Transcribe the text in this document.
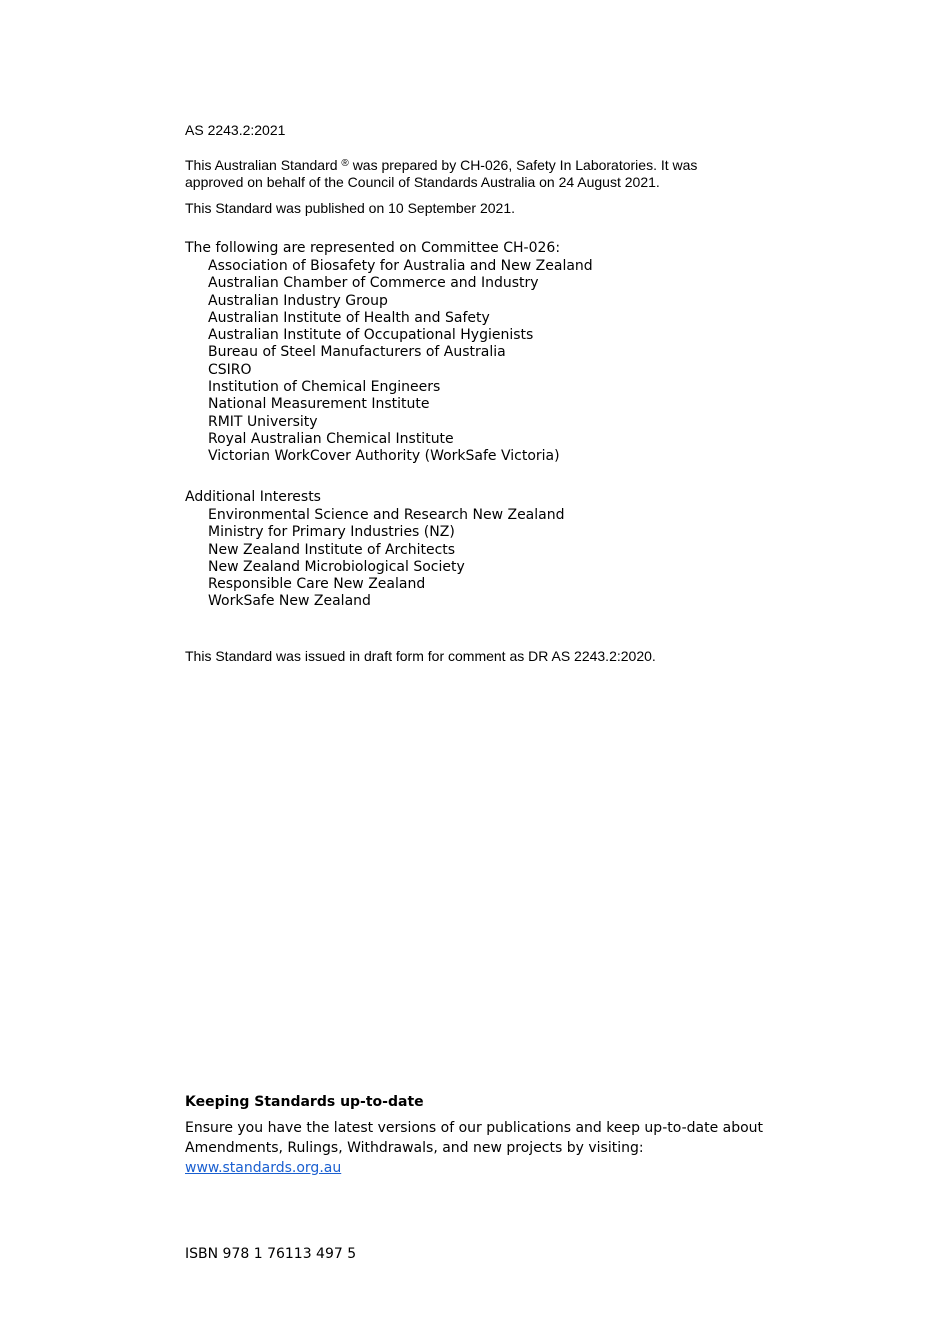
AS 2243.2:2021
This Australian Standard ® was prepared by CH-026, Safety In Laboratories. It was
approved on behalf of the Council of Standards Australia on 24 August 2021.
This Standard was published on 10 September 2021.
The following are represented on Committee CH-026:
Association of Biosafety for Australia and New Zealand
Australian Chamber of Commerce and Industry
Australian Industry Group
Australian Institute of Health and Safety
Australian Institute of Occupational Hygienists
Bureau of Steel Manufacturers of Australia
CSIRO
Institution of Chemical Engineers
National Measurement Institute
RMIT University
Royal Australian Chemical Institute
Victorian WorkCover Authority (WorkSafe Victoria)
Additional Interests
Environmental Science and Research New Zealand
Ministry for Primary Industries (NZ)
New Zealand Institute of Architects
New Zealand Microbiological Society
Responsible Care New Zealand
WorkSafe New Zealand
This Standard was issued in draft form for comment as DR AS 2243.2:2020.
Keeping Standards up-to-date
Ensure you have the latest versions of our publications and keep up-to-date about
Amendments, Rulings, Withdrawals, and new projects by visiting:
www.standards.org.au
ISBN 978 1 76113 497 5
